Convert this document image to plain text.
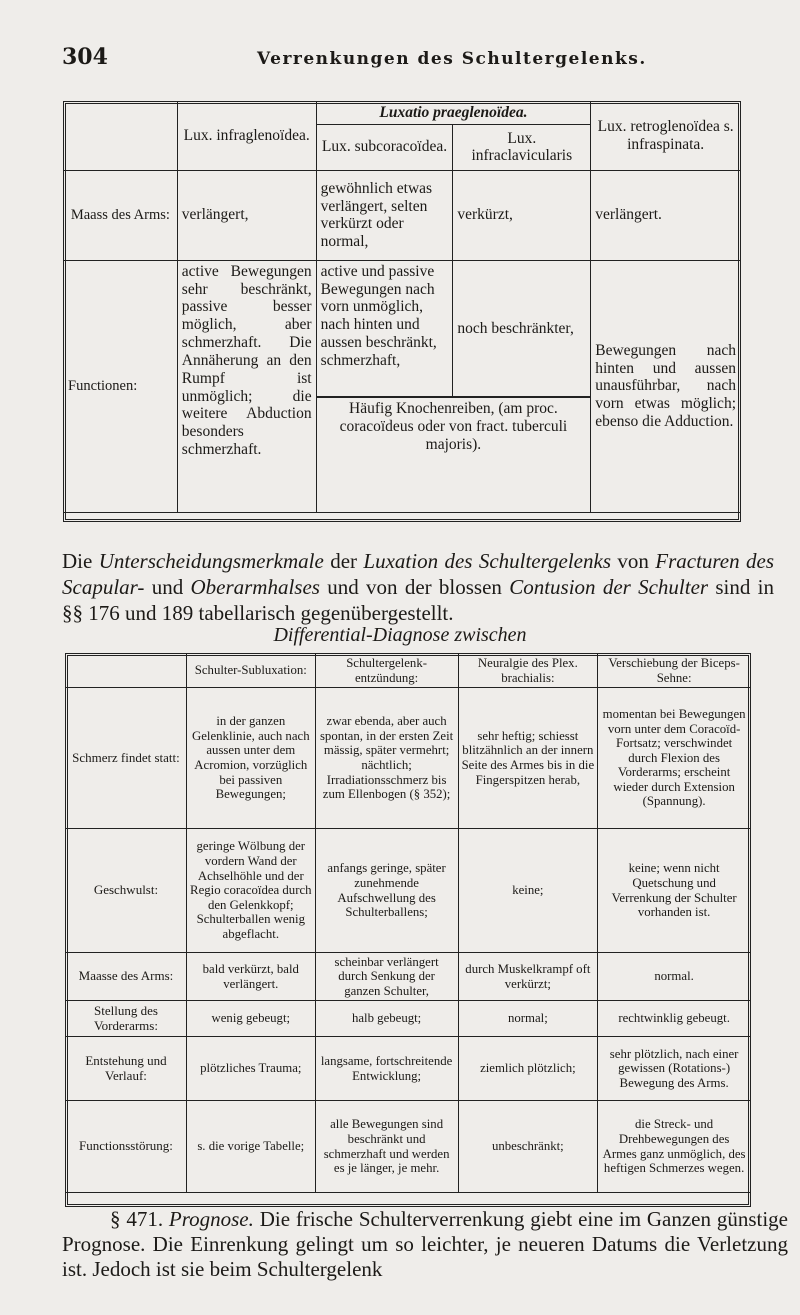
304	Verrenkungen des Schultergelenks.
	Lux. infraglenoïdea.	Luxatio praeglenoïdea.		Lux. retroglenoïdea s. infraspinata.
		Lux. subcoracoïdea.	Lux. infraclavicularis	
Maass des Arms:	verlängert,	gewöhnlich etwas verlängert, selten verkürzt oder normal,	verkürzt,	verlängert.
Functionen:	active Bewegungen sehr beschränkt, passive besser möglich, aber schmerzhaft. Die Annäherung an den Rumpf ist unmöglich; die weitere Abduction besonders schmerzhaft.	active und passive Bewegungen nach vorn unmöglich, nach hinten und aussen beschränkt, schmerzhaft,	noch beschränkter,	Bewegungen nach hinten und aussen unausführbar, nach vorn etwas möglich; ebenso die Adduction.
		Häufig Knochenreiben, (am proc. coracoïdeus oder von fract. tuberculi majoris).		
Die Unterscheidungsmerkmale der Luxation des Schultergelenks von Fracturen des Scapular- und Oberarmhalses und von der blossen Contusion der Schulter sind in §§ 176 und 189 tabellarisch gegenübergestellt.
Differential-Diagnose zwischen
	Schulter-Subluxation:	Schultergelenk-entzündung:	Neuralgie des Plex. brachialis:	Verschiebung der Biceps-Sehne:
Schmerz findet statt:	in der ganzen Gelenklinie, auch nach aussen unter dem Acromion, vorzüglich bei passiven Bewegungen;	zwar ebenda, aber auch spontan, in der ersten Zeit mässig, später vermehrt; nächtlich; Irradiationsschmerz bis zum Ellenbogen (§ 352);	sehr heftig; schiesst blitzähnlich an der innern Seite des Armes bis in die Fingerspitzen herab,	momentan bei Bewegungen vorn unter dem Coracoïd-Fortsatz; verschwindet durch Flexion des Vorderarms; erscheint wieder durch Extension (Spannung).
Geschwulst:	geringe Wölbung der vordern Wand der Achselhöhle und der Regio coracoïdea durch den Gelenkkopf; Schulterballen wenig abgeflacht.	anfangs geringe, später zunehmende Aufschwellung des Schulterballens;	keine;	keine; wenn nicht Quetschung und Verrenkung der Schulter vorhanden ist.
Maasse des Arms:	bald verkürzt, bald verlängert.	scheinbar verlängert durch Senkung der ganzen Schulter,	durch Muskelkrampf oft verkürzt;	normal.
Stellung des Vorderarms:	wenig gebeugt;	halb gebeugt;	normal;	rechtwinklig gebeugt.
Entstehung und Verlauf:	plötzliches Trauma;	langsame, fortschreitende Entwicklung;	ziemlich plötzlich;	sehr plötzlich, nach einer gewissen (Rotations-) Bewegung des Arms.
Functionsstörung:	s. die vorige Tabelle;	alle Bewegungen sind beschränkt und schmerzhaft und werden es je länger, je mehr.	unbeschränkt;	die Streck- und Drehbewegungen des Armes ganz unmöglich, des heftigen Schmerzes wegen.
§ 471. Prognose. Die frische Schulterverrenkung giebt eine im Ganzen günstige Prognose. Die Einrenkung gelingt um so leichter, je neueren Datums die Verletzung ist. Jedoch ist sie beim Schultergelenk
